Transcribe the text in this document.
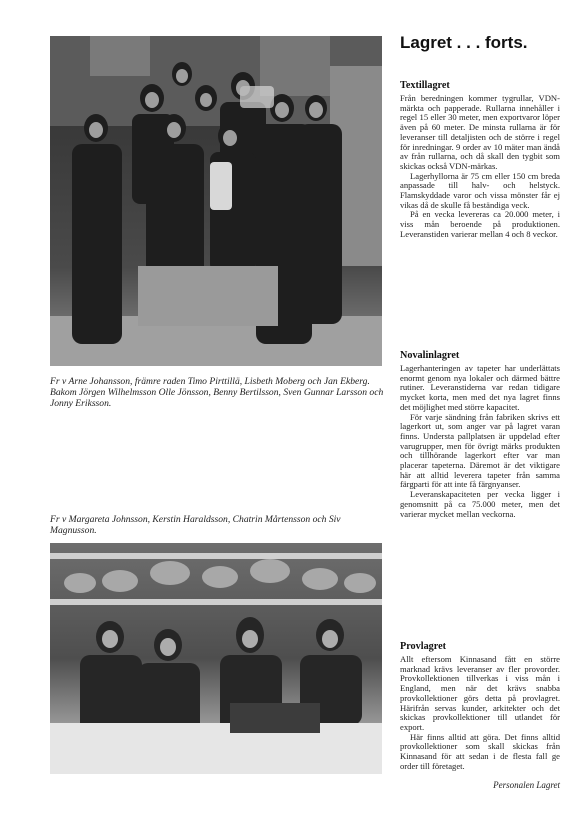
Fr v Arne Johansson, främre raden Timo Pirttillä, Lisbeth Moberg och Jan Ekberg. Bakom Jörgen Wilhelmsson Olle Jönsson, Benny Bertilsson, Sven Gunnar Larsson och Jonny Eriksson.

Fr v Margareta Johnsson, Kerstin Haraldsson, Chatrin Mårtensson och Siv Magnusson.

Lagret . . . forts.
Textillagret

Från beredningen kommer tygrullar, VDN-märkta och papperade. Rullarna innehåller i regel 15 eller 30 meter, men exportvaror löper även på 60 meter. De minsta rullarna är för leveranser till detaljisten och de större i regel för inredningar. 9 order av 10 mäter man ändå av från rullarna, och då skall den tygbit som skickas också VDN-märkas.

Lagerhyllorna är 75 cm eller 150 cm breda anpassade till halv- och helstyck. Flamskyddade varor och vissa mönster får ej vikas då de skulle få beständiga veck.

På en vecka levereras ca 20.000 meter, i viss mån beroende på produktionen. Leveranstiden varierar mellan 4 och 8 veckor.

Novalinlagret

Lagerhanteringen av tapeter har underlättats enormt genom nya lokaler och därmed bättre rutiner. Leveranstiderna var redan tidigare mycket korta, men med det nya lagret finns det möjlighet med större kapacitet.

För varje sändning från fabriken skrivs ett lagerkort ut, som anger var på lagret varan finns. Understa pallplatsen är uppdelad efter varugrupper, men för övrigt märks produkten och tillhörande lagerkort efter var man placerar tapeterna. Däremot är det viktigare här att alltid leverera tapeter från samma färgparti för att inte få färgnyanser.

Leveranskapaciteten per vecka ligger i genomsnitt på ca 75.000 meter, men det varierar mycket mellan veckorna.

Provlagret

Allt eftersom Kinnasand fått en större marknad krävs leveranser av fler provorder. Provkollektionen tillverkas i viss mån i England, men när det krävs snabba provkollektioner görs detta på provlagret. Härifrån servas kunder, arkitekter och det skickas provkollektioner till utlandet för export.

Här finns alltid att göra. Det finns alltid provkollektioner som skall skickas från Kinnasand för att sedan i de flesta fall ge order till företaget.

Personalen Lagret
